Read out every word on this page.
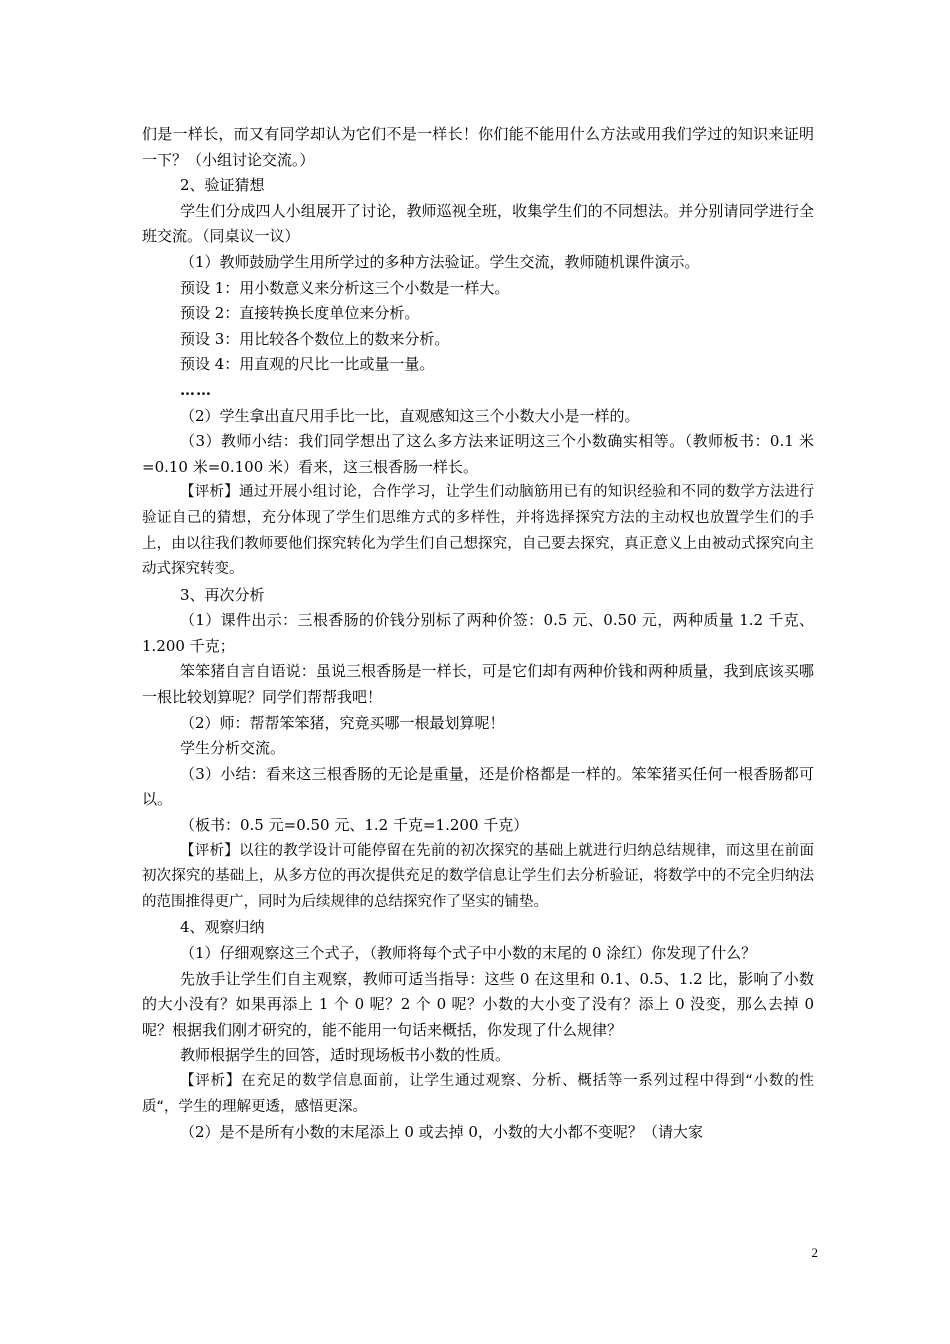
们是一样长，而又有同学却认为它们不是一样长！你们能不能用什么方法或用我们学过的知识来证明一下？（小组讨论交流。）

2、验证猜想

学生们分成四人小组展开了讨论，教师巡视全班，收集学生们的不同想法。并分别请同学进行全班交流。（同桌议一议）

（1）教师鼓励学生用所学过的多种方法验证。学生交流，教师随机课件演示。

预设 1：用小数意义来分析这三个小数是一样大。

预设 2：直接转换长度单位来分析。

预设 3：用比较各个数位上的数来分析。

预设 4：用直观的尺比一比或量一量。

……

（2）学生拿出直尺用手比一比，直观感知这三个小数大小是一样的。

（3）教师小结：我们同学想出了这么多方法来证明这三个小数确实相等。（教师板书：0.1 米=0.10 米=0.100 米）看来，这三根香肠一样长。

【评析】通过开展小组讨论，合作学习，让学生们动脑筋用已有的知识经验和不同的数学方法进行验证自己的猜想，充分体现了学生们思维方式的多样性，并将选择探究方法的主动权也放置学生们的手上，由以往我们教师要他们探究转化为学生们自己想探究，自己要去探究，真正意义上由被动式探究向主动式探究转变。

3、再次分析

（1）课件出示：三根香肠的价钱分别标了两种价签：0.5 元、0.50 元，两种质量 1.2 千克、1.200 千克；

笨笨猪自言自语说：虽说三根香肠是一样长，可是它们却有两种价钱和两种质量，我到底该买哪一根比较划算呢？同学们帮帮我吧！

（2）师：帮帮笨笨猪，究竟买哪一根最划算呢！

学生分析交流。

（3）小结：看来这三根香肠的无论是重量，还是价格都是一样的。笨笨猪买任何一根香肠都可以。

（板书：0.5 元=0.50 元、1.2 千克=1.200 千克）

【评析】以往的教学设计可能停留在先前的初次探究的基础上就进行归纳总结规律，而这里在前面初次探究的基础上，从多方位的再次提供充足的数学信息让学生们去分析验证，将数学中的不完全归纳法的范围推得更广，同时为后续规律的总结探究作了坚实的铺垫。

4、观察归纳

（1）仔细观察这三个式子，（教师将每个式子中小数的末尾的 0 涂红）你发现了什么？

先放手让学生们自主观察，教师可适当指导：这些 0 在这里和 0.1、0.5、1.2 比，影响了小数的大小没有？如果再添上 1 个 0 呢？2 个 0 呢？小数的大小变了没有？添上 0 没变，那么去掉 0 呢？根据我们刚才研究的，能不能用一句话来概括，你发现了什么规律？

教师根据学生的回答，适时现场板书小数的性质。

【评析】在充足的数学信息面前，让学生通过观察、分析、概括等一系列过程中得到“小数的性质“，学生的理解更透，感悟更深。

（2）是不是所有小数的末尾添上 0 或去掉 0，小数的大小都不变呢？（请大家

2
